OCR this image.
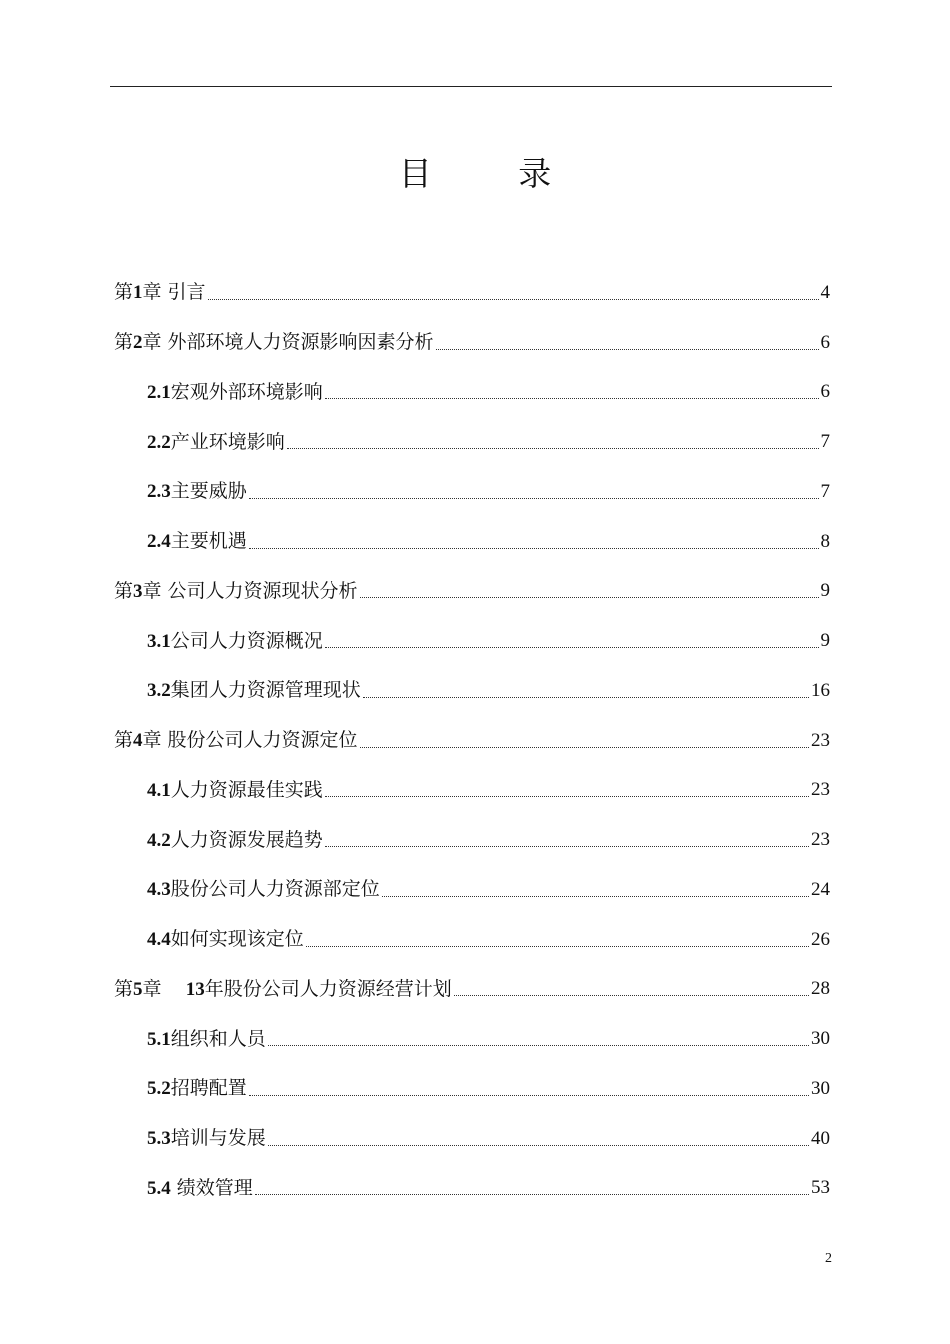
目 录
第1章 引言	4
第2章 外部环境人力资源影响因素分析	6
2.1宏观外部环境影响	6
2.2产业环境影响	7
2.3主要威胁	7
2.4主要机遇	8
第3章 公司人力资源现状分析	9
3.1公司人力资源概况	9
3.2集团人力资源管理现状	16
第4章 股份公司人力资源定位	23
4.1人力资源最佳实践	23
4.2人力资源发展趋势	23
4.3股份公司人力资源部定位	24
4.4如何实现该定位	26
第5章 13年股份公司人力资源经营计划	28
5.1组织和人员	30
5.2招聘配置	30
5.3培训与发展	40
5.4 绩效管理	53
2
